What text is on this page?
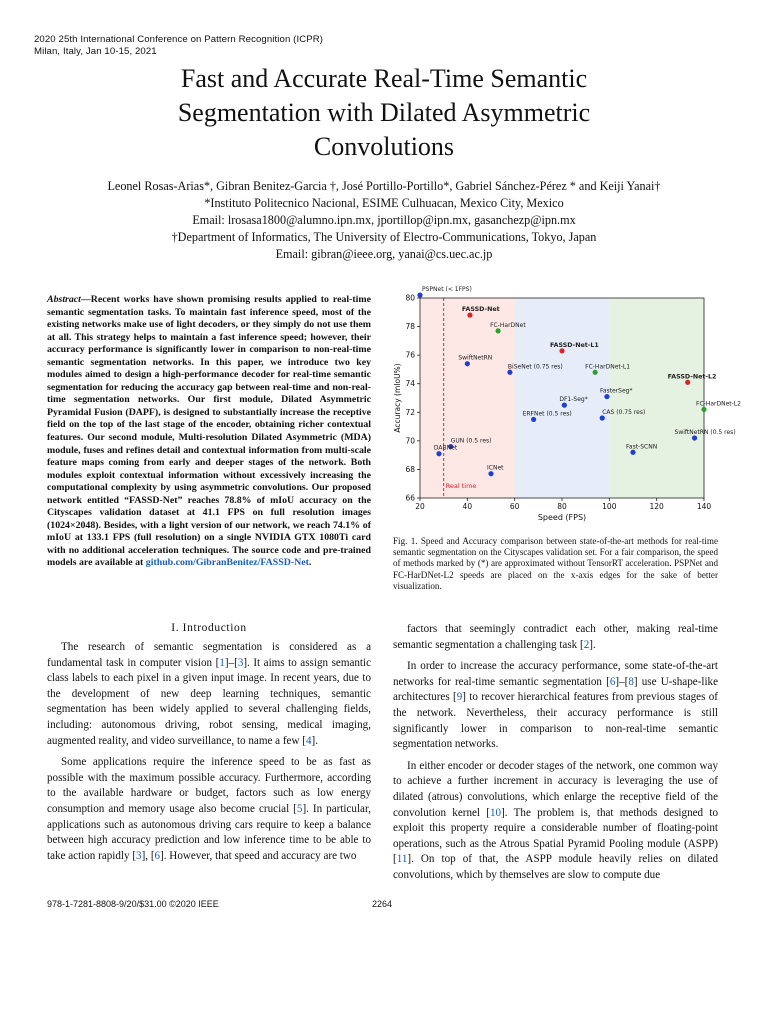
2020 25th International Conference on Pattern Recognition (ICPR)
Milan, Italy, Jan 10-15, 2021
Fast and Accurate Real-Time Semantic
Segmentation with Dilated Asymmetric
Convolutions
Leonel Rosas-Arias*, Gibran Benitez-Garcia †, José Portillo-Portillo*, Gabriel Sánchez-Pérez * and Keiji Yanai†
*Instituto Politecnico Nacional, ESIME Culhuacan, Mexico City, Mexico
Email: lrosasa1800@alumno.ipn.mx, jportillop@ipn.mx, gasanchezp@ipn.mx
†Department of Informatics, The University of Electro-Communications, Tokyo, Japan
Email: gibran@ieee.org, yanai@cs.uec.ac.jp
Abstract—Recent works have shown promising results applied to real-time semantic segmentation tasks. To maintain fast inference speed, most of the existing networks make use of light decoders, or they simply do not use them at all. This strategy helps to maintain a fast inference speed; however, their accuracy performance is significantly lower in comparison to non-real-time semantic segmentation networks. In this paper, we introduce two key modules aimed to design a high-performance decoder for real-time semantic segmentation for reducing the accuracy gap between real-time and non-real-time segmentation networks. Our first module, Dilated Asymmetric Pyramidal Fusion (DAPF), is designed to substantially increase the receptive field on the top of the last stage of the encoder, obtaining richer contextual features. Our second module, Multi-resolution Dilated Asymmetric (MDA) module, fuses and refines detail and contextual information from multi-scale feature maps coming from early and deeper stages of the network. Both modules exploit contextual information without excessively increasing the computational complexity by using asymmetric convolutions. Our proposed network entitled “FASSD-Net” reaches 78.8% of mIoU accuracy on the Cityscapes validation dataset at 41.1 FPS on full resolution images (1024×2048). Besides, with a light version of our network, we reach 74.1% of mIoU at 133.1 FPS (full resolution) on a single NVIDIA GTX 1080Ti card with no additional acceleration techniques. The source code and pre-trained models are available at github.com/GibranBenitez/FASSD-Net.
I. Introduction

The research of semantic segmentation is considered as a fundamental task in computer vision [1]–[3]. It aims to assign semantic class labels to each pixel in a given input image. In recent years, due to the development of new deep learning techniques, semantic segmentation has been widely applied to several challenging fields, including: autonomous driving, robot sensing, medical imaging, augmented reality, and video surveillance, to name a few [4].

Some applications require the inference speed to be as fast as possible with the maximum possible accuracy. Furthermore, according to the available hardware or budget, factors such as low energy consumption and memory usage also become crucial [5]. In particular, applications such as autonomous driving cars require to keep a balance between high accuracy prediction and low inference time to be able to take action rapidly [3], [6]. However, that speed and accuracy are two

Real time
20	40	60	80	100	120	140
66
68
70
72
74
76
78
80
Speed (FPS)
Accuracy (mIoU%)
PSPNet (< 1FPS)
FASSD-Net
FC-HarDNet
FASSD-Net-L1
SwiftNetRN
BiSeNet (0.75 res)	FC-HarDNet-L1
FASSD-Net-L2
FasterSeg*
DF1-Seg*
FC-HarDNet-L2
ERFNet (0.5 res)	CAS (0.75 res)
SwiftNetRN (0.5 res)
GUN (0.5 res)
DABNet	Fast-SCNN
ICNet
Fig. 1. Speed and Accuracy comparison between state-of-the-art methods for real-time semantic segmentation on the Cityscapes validation set. For a fair comparison, the speed of methods marked by (*) are approximated without TensorRT acceleration. PSPNet and FC-HarDNet-L2 speeds are placed on the x-axis edges for the sake of better visualization.

factors that seemingly contradict each other, making real-time semantic segmentation a challenging task [2].

In order to increase the accuracy performance, some state-of-the-art networks for real-time semantic segmentation [6]–[8] use U-shape-like architectures [9] to recover hierarchical features from previous stages of the network. Nevertheless, their accuracy performance is still significantly lower in comparison to non-real-time semantic segmentation networks.

In either encoder or decoder stages of the network, one common way to achieve a further increment in accuracy is leveraging the use of dilated (atrous) convolutions, which enlarge the receptive field of the convolution kernel [10]. The problem is, that methods designed to exploit this property require a considerable number of floating-point operations, such as the Atrous Spatial Pyramid Pooling module (ASPP) [11]. On top of that, the ASPP module heavily relies on dilated convolutions, which by themselves are slow to compute due

978-1-7281-8808-9/20/$31.00 ©2020 IEEE	2264
